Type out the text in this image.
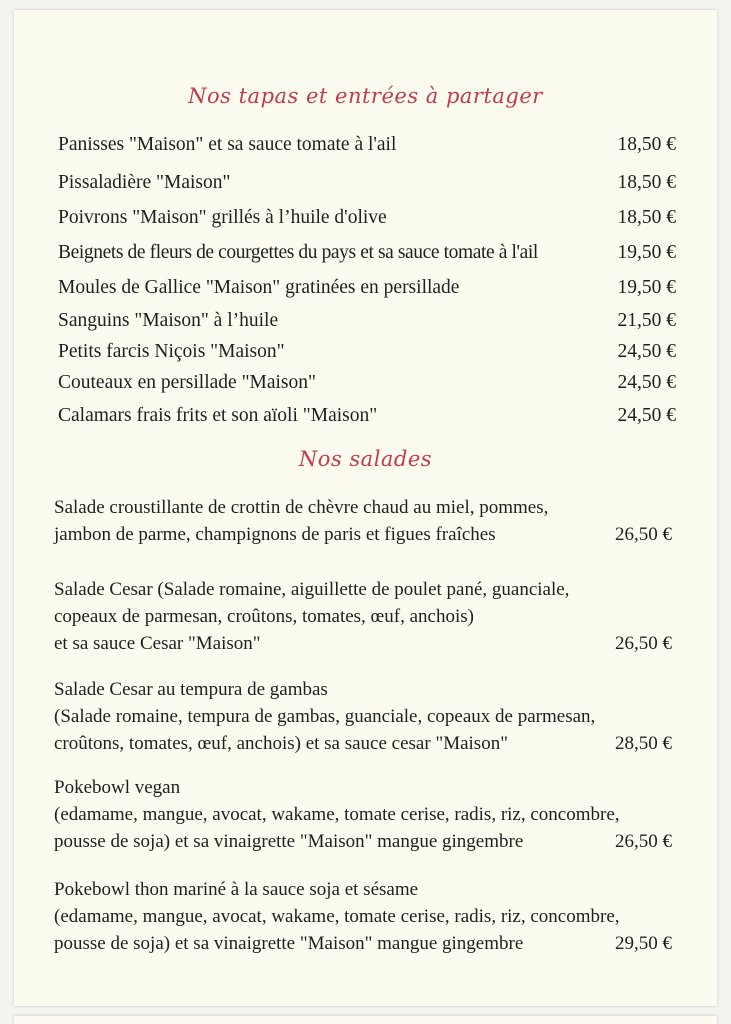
Nos tapas et entrées à partager
Panisses "Maison" et sa sauce tomate à l'ail	18,50 €
Pissaladière "Maison"	18,50 €
Poivrons "Maison" grillés à l’huile d'olive	18,50 €
Beignets de fleurs de courgettes du pays et sa sauce tomate à l'ail	19,50 €
Moules de Gallice "Maison" gratinées en persillade	19,50 €
Sanguins "Maison" à l’huile	21,50 €
Petits farcis Niçois "Maison"	24,50 €
Couteaux en persillade "Maison"	24,50 €
Calamars frais frits et son aïoli "Maison"	24,50 €
Nos salades
Salade croustillante de crottin de chèvre chaud au miel, pommes,
jambon de parme, champignons de paris et figues fraîches	26,50 €
Salade Cesar (Salade romaine, aiguillette de poulet pané, guanciale,
copeaux de parmesan, croûtons, tomates, œuf, anchois)
et sa sauce Cesar "Maison"	26,50 €
Salade Cesar au tempura de gambas
(Salade romaine, tempura de gambas, guanciale, copeaux de parmesan,
croûtons, tomates, œuf, anchois) et sa sauce cesar "Maison"	28,50 €
Pokebowl vegan
(edamame, mangue, avocat, wakame, tomate cerise, radis, riz, concombre,
pousse de soja) et sa vinaigrette "Maison" mangue gingembre	26,50 €
Pokebowl thon mariné à la sauce soja et sésame
(edamame, mangue, avocat, wakame, tomate cerise, radis, riz, concombre,
pousse de soja) et sa vinaigrette "Maison" mangue gingembre	29,50 €
